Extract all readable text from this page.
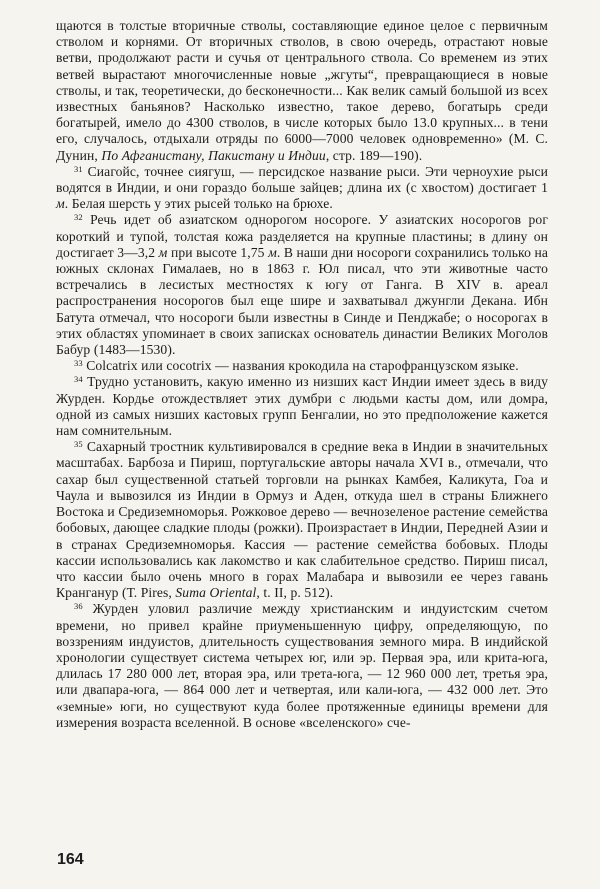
щаются в толстые вторичные стволы, составляющие единое целое с первичным стволом и корнями. От вторичных стволов, в свою очередь, отрастают новые ветви, продолжают расти и сучья от центрального ствола. Со временем из этих ветвей вырастают многочисленные новые „жгуты“, превращающиеся в новые стволы, и так, теоретически, до бесконечности... Как велик самый большой из всех известных баньянов? Насколько известно, такое дерево, богатырь среди богатырей, имело до 4300 стволов, в числе которых было 13.0 крупных... в тени его, случалось, отдыхали отряды по 6000—7000 человек одновременно» (М. С. Дунин, По Афганистану, Пакистану и Индии, стр. 189—190).

$^{31}$ Сиагойс, точнее сиягуш, — персидское название рыси. Эти черноухие рыси водятся в Индии, и они гораздо больше зайцев; длина их (с хвостом) достигает 1 м. Белая шерсть у этих рысей только на брюхе.

$^{32}$ Речь идет об азиатском однорогом носороге. У азиатских носорогов рог короткий и тупой, толстая кожа разделяется на крупные пластины; в длину он достигает 3—3,2 м при высоте 1,75 м. В наши дни носороги сохранились только на южных склонах Гималаев, но в 1863 г. Юл писал, что эти животные часто встречались в лесистых местностях к югу от Ганга. В XIV в. ареал распространения носорогов был еще шире и захватывал джунгли Декана. Ибн Батута отмечал, что носороги были известны в Синде и Пенджабе; о носорогах в этих областях упоминает в своих записках основатель династии Великих Моголов Бабур (1483—1530).

$^{33}$ Colcatrix или cocotrix — названия крокодила на старофранцузском языке.

$^{34}$ Трудно установить, какую именно из низших каст Индии имеет здесь в виду Журден. Кордье отождествляет этих думбри с людьми касты дом, или домра, одной из самых низших кастовых групп Бенгалии, но это предположение кажется нам сомнительным.

$^{35}$ Сахарный тростник культивировался в средние века в Индии в значительных масштабах. Барбоза и Пириш, португальские авторы начала XVI в., отмечали, что сахар был существенной статьей торговли на рынках Камбея, Каликута, Гоа и Чаула и вывозился из Индии в Ормуз и Аден, откуда шел в страны Ближнего Востока и Средиземноморья. Рожковое дерево — вечнозеленое растение семейства бобовых, дающее сладкие плоды (рожки). Произрастает в Индии, Передней Азии и в странах Средиземноморья. Кассия — растение семейства бобовых. Плоды кассии использовались как лакомство и как слабительное средство. Пириш писал, что кассии было очень много в горах Малабара и вывозили ее через гавань Кранганур (Т. Pires, Suma Oriental, t. II, p. 512).

$^{36}$ Журден уловил различие между христианским и индуистским счетом времени, но привел крайне приуменьшенную цифру, определяющую, по воззрениям индуистов, длительность существования земного мира. В индийской хронологии существует система четырех юг, или эр. Первая эра, или крита-юга, длилась 17 280 000 лет, вторая эра, или трета-юга, — 12 960 000 лет, третья эра, или двапара-юга, — 864 000 лет и четвертая, или кали-юга, — 432 000 лет. Это «земные» юги, но существуют куда более протяженные единицы времени для измерения возраста вселенной. В основе «вселенского» сче-

164
